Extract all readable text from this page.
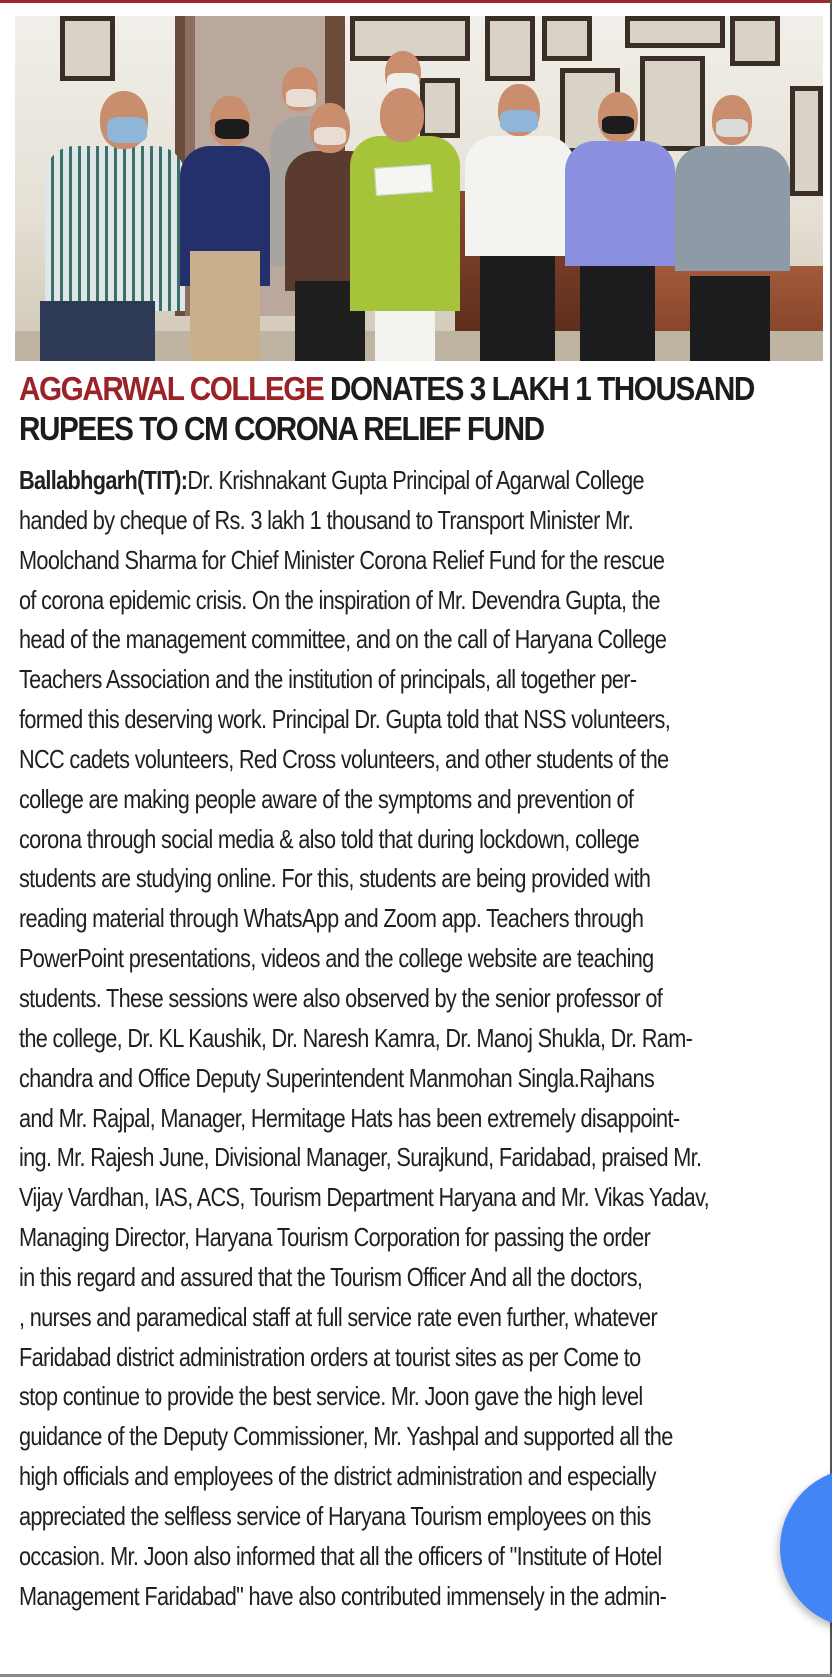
AGGARWAL COLLEGE DONATES 3 LAKH 1 THOUSAND
RUPEES TO CM CORONA RELIEF FUND
Ballabhgarh(TIT):Dr. Krishnakant Gupta Principal of Agarwal College
handed by cheque of Rs. 3 lakh 1 thousand to Transport Minister Mr.
Moolchand Sharma for Chief Minister Corona Relief Fund for the rescue
of corona epidemic crisis. On the inspiration of Mr. Devendra Gupta, the
head of the management committee, and on the call of Haryana College
Teachers Association and the institution of principals, all together per-
formed this deserving work. Principal Dr. Gupta told that NSS volunteers,
NCC cadets volunteers, Red Cross volunteers, and other students of the
college are making people aware of the symptoms and prevention of
corona through social media & also told that during lockdown, college
students are studying online. For this, students are being provided with
reading material through WhatsApp and Zoom app. Teachers through
PowerPoint presentations, videos and the college website are teaching
students. These sessions were also observed by the senior professor of
the college, Dr. KL Kaushik, Dr. Naresh Kamra, Dr. Manoj Shukla, Dr. Ram-
chandra and Office Deputy Superintendent Manmohan Singla.Rajhans
and Mr. Rajpal, Manager, Hermitage Hats has been extremely disappoint-
ing. Mr. Rajesh June, Divisional Manager, Surajkund, Faridabad, praised Mr.
Vijay Vardhan, IAS, ACS, Tourism Department Haryana and Mr. Vikas Yadav,
Managing Director, Haryana Tourism Corporation for passing the order
in this regard and assured that the Tourism Officer And all the doctors,
, nurses and paramedical staff at full service rate even further, whatever
Faridabad district administration orders at tourist sites as per Come to
stop continue to provide the best service. Mr. Joon gave the high level
guidance of the Deputy Commissioner, Mr. Yashpal and supported all the
high officials and employees of the district administration and especially
appreciated the selfless service of Haryana Tourism employees on this
occasion. Mr. Joon also informed that all the officers of "Institute of Hotel
Management Faridabad" have also contributed immensely in the admin-
